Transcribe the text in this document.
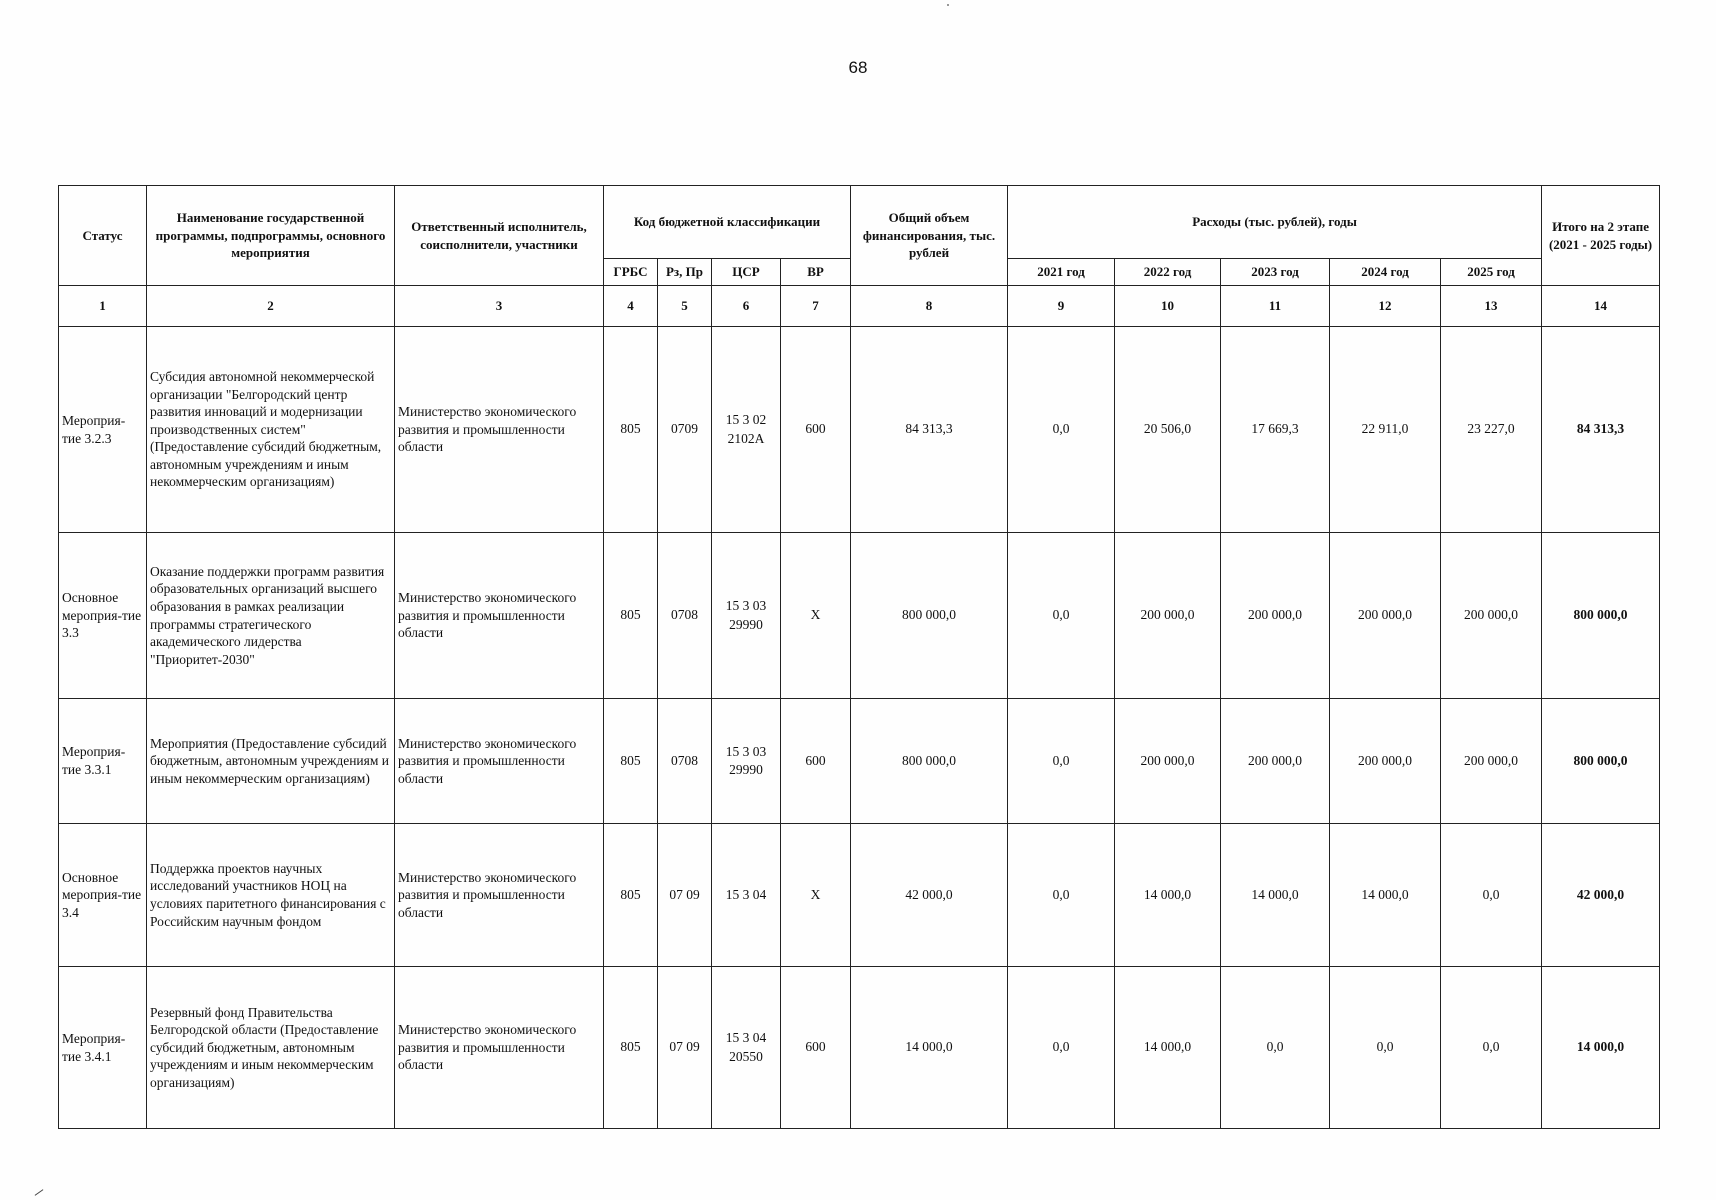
68
Статус	Наименование государственной программы, подпрограммы, основного мероприятия	Ответственный исполнитель, соисполнители, участники	Код бюджетной классификации				Общий объем финансирования, тыс. рублей	Расходы (тыс. рублей), годы					Итого на 2 этапе (2021 - 2025 годы)
			ГРБС	Рз, Пр	ЦСР	ВР		2021 год	2022 год	2023 год	2024 год	2025 год	
1	2	3	4	5	6	7	8	9	10	11	12	13	14
Мероприя-тие 3.2.3	Субсидия автономной некоммерческой организации "Белгородский центр развития инноваций и модернизации производственных систем" (Предоставление субсидий бюджетным, автономным учреждениям и иным некоммерческим организациям)	Министерство экономического развития и промышленности области	805	0709	15 3 02 2102А	600	84 313,3	0,0	20 506,0	17 669,3	22 911,0	23 227,0	84 313,3
Основное мероприя-тие 3.3	Оказание поддержки программ развития образовательных организаций высшего образования в рамках реализации программы стратегического академического лидерства "Приоритет-2030"	Министерство экономического развития и промышленности области	805	0708	15 3 03 29990	Х	800 000,0	0,0	200 000,0	200 000,0	200 000,0	200 000,0	800 000,0
Мероприя-тие 3.3.1	Мероприятия (Предоставление субсидий бюджетным, автономным учреждениям и иным некоммерческим организациям)	Министерство экономического развития и промышленности области	805	0708	15 3 03 29990	600	800 000,0	0,0	200 000,0	200 000,0	200 000,0	200 000,0	800 000,0
Основное мероприя-тие 3.4	Поддержка проектов научных исследований участников НОЦ на условиях паритетного финансирования с Российским научным фондом	Министерство экономического развития и промышленности области	805	07 09	15 3 04	Х	42 000,0	0,0	14 000,0	14 000,0	14 000,0	0,0	42 000,0
Мероприя-тие 3.4.1	Резервный фонд Правительства Белгородской области (Предоставление субсидий бюджетным, автономным учреждениям и иным некоммерческим организациям)	Министерство экономического развития и промышленности области	805	07 09	15 3 04 20550	600	14 000,0	0,0	14 000,0	0,0	0,0	0,0	14 000,0
